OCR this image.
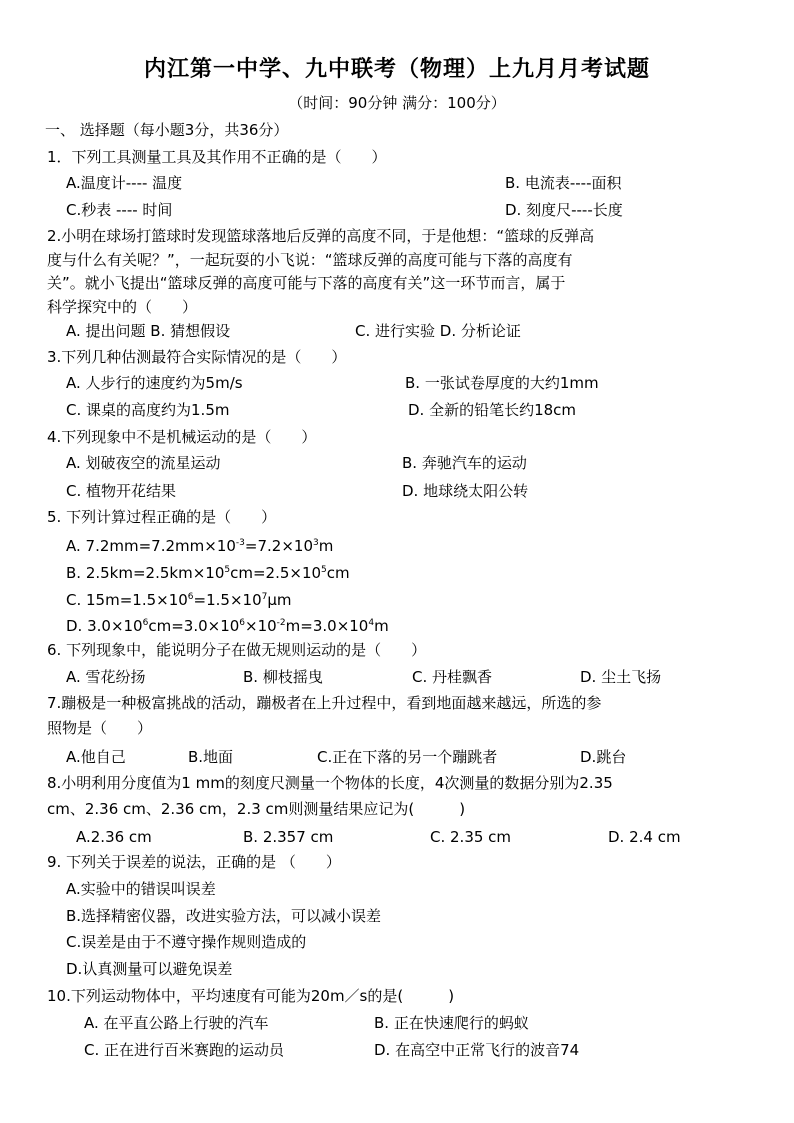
内江第一中学、九中联考（物理）上九月月考试题
（时间：90分钟 满分：100分）
一、 选择题（每小题3分，共36分）
1．下列工具测量工具及其作用不正确的是（　　）
A.温度计---- 温度	B. 电流表----面积
C.秒表 ---- 时间	D. 刻度尺----长度
2.小明在球场打篮球时发现篮球落地后反弹的高度不同，于是他想：“篮球的反弹高
度与什么有关呢？”，一起玩耍的小飞说：“篮球反弹的高度可能与下落的高度有
关”。就小飞提出“篮球反弹的高度可能与下落的高度有关”这一环节而言，属于
科学探究中的（　　）
A. 提出问题 B. 猜想假设	C. 进行实验 D. 分析论证
3.下列几种估测最符合实际情况的是（　　）
A. 人步行的速度约为5m/s	B. 一张试卷厚度的大约1mm
C. 课桌的高度约为1.5m	D. 全新的铅笔长约18cm
4.下列现象中不是机械运动的是（　　）
A. 划破夜空的流星运动	B. 奔驰汽车的运动
C. 植物开花结果	D. 地球绕太阳公转
5. 下列计算过程正确的是（　　）
A. $7.2mm=7.2mm\times 10^{-3}=7.2\times 10^3m$
B. $2.5km=2.5km\times 10^5cm=2.5\times 10^5cm$
C. $15m=1.5\times 10^6=1.5\times 10^7\mu m$
D. $3.0\times 10^6cm=3.0\times 10^6\times 10^{-2}m=3.0\times 10^4m$
6. 下列现象中，能说明分子在做无规则运动的是（　　）
A. 雪花纷扬	B. 柳枝摇曳	C. 丹桂飘香	D. 尘土飞扬
7.蹦极是一种极富挑战的活动，蹦极者在上升过程中，看到地面越来越远，所选的参
照物是（　　）
A.他自己	B.地面	C.正在下落的另一个蹦跳者	D.跳台
8.小明利用分度值为1 mm的刻度尺测量一个物体的长度，4次测量的数据分别为2.35
cm、2.36 cm、2.36 cm，2.3 cm则测量结果应记为(　　　)
A.2.36 cm	B. 2.357 cm	C. 2.35 cm	D. 2.4 cm
9. 下列关于误差的说法，正确的是 （　　）
A.实验中的错误叫误差
B.选择精密仪器，改进实验方法，可以减小误差
C.误差是由于不遵守操作规则造成的
D.认真测量可以避免误差
10.下列运动物体中，平均速度有可能为20m／s的是(　　　)
A. 在平直公路上行驶的汽车	B. 正在快速爬行的蚂蚁
C. 正在进行百米赛跑的运动员	D. 在高空中正常飞行的波音74
